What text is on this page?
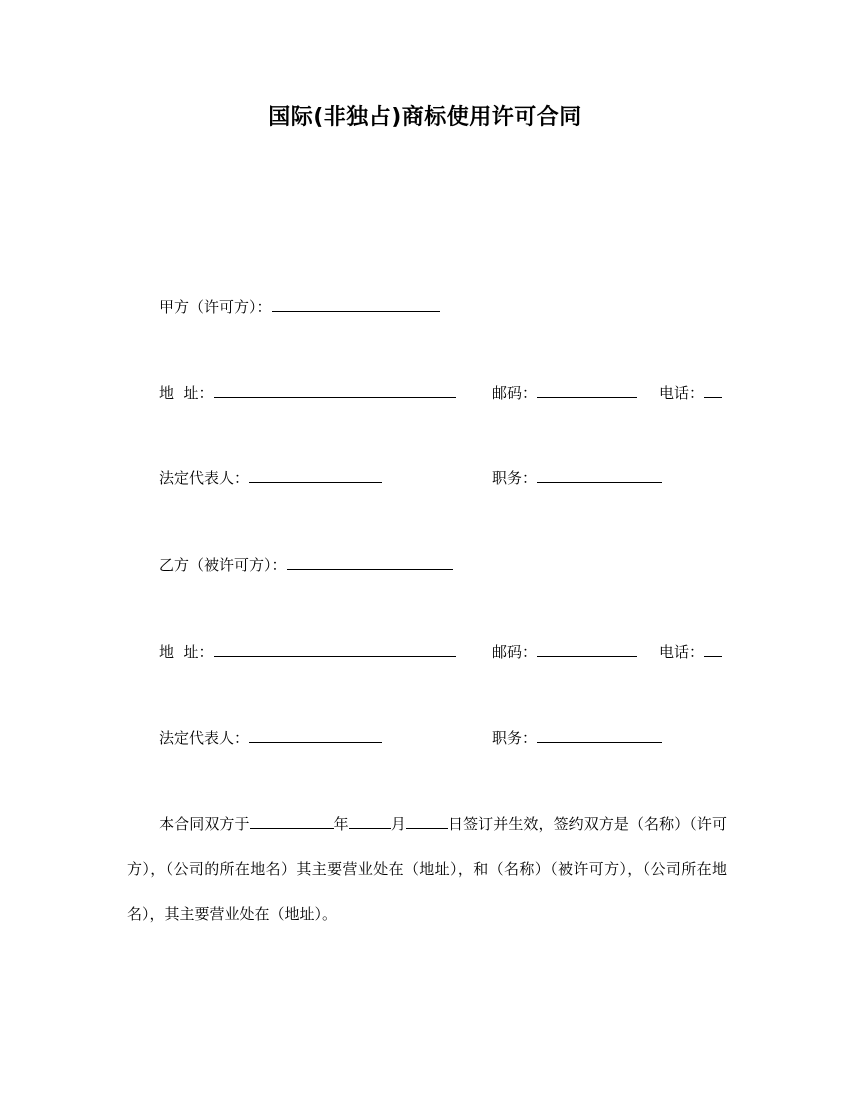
国际(非独占)商标使用许可合同
甲方（许可方）：
地  址：	邮码：	电话：
法定代表人：	职务：
乙方（被许可方）：
地  址：	邮码：	电话：
法定代表人：	职务：
本合同双方于	年	月	日签订并生效，签约双方是（名称）（许可方），（公司的所在地名）其主要营业处在（地址），和（名称）（被许可方），（公司所在地名），其主要营业处在（地址）。
